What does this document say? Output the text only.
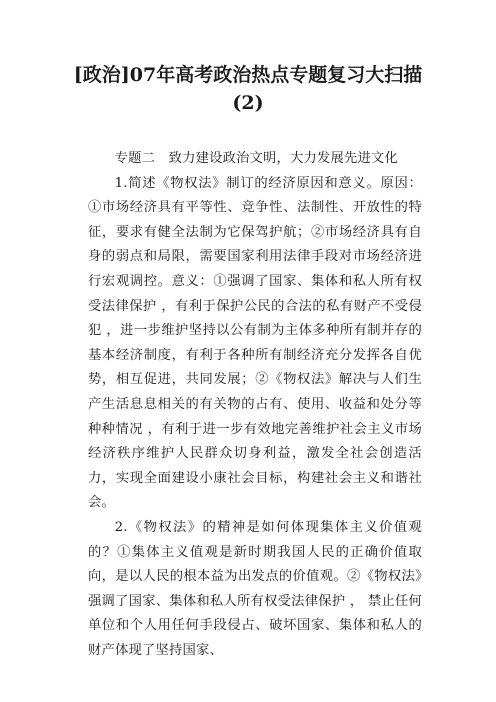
[政治]07年高考政治热点专题复习大扫描
(2)

专题二　致力建设政治文明，大力发展先进文化

1.简述《物权法》制订的经济原因和意义。原因：①市场经济具有平等性、竞争性、法制性、开放性的特征，要求有健全法制为它保驾护航；②市场经济具有自身的弱点和局限，需要国家利用法律手段对市场经济进行宏观调控。意义：①强调了国家、集体和私人所有权受法律保护 ，有利于保护公民的合法的私有财产不受侵犯 ，进一步维护坚持以公有制为主体多种所有制并存的基本经济制度，有利于各种所有制经济充分发挥各自优势，相互促进，共同发展；②《物权法》解决与人们生产生活息息相关的有关物的占有、使用、收益和处分等种种情况 ，有利于进一步有效地完善维护社会主义市场经济秩序维护人民群众切身利益，激发全社会创造活力，实现全面建设小康社会目标，构建社会主义和谐社会。

2.《物权法》的精神是如何体现集体主义价值观的？①集体主义值观是新时期我国人民的正确价值取向，是以人民的根本益为出发点的价值观。②《物权法》强调了国家、集体和私人所有权受法律保护 ， 禁止任何单位和个人用任何手段侵占、破坏国家、集体和私人的财产体现了坚持国家、
